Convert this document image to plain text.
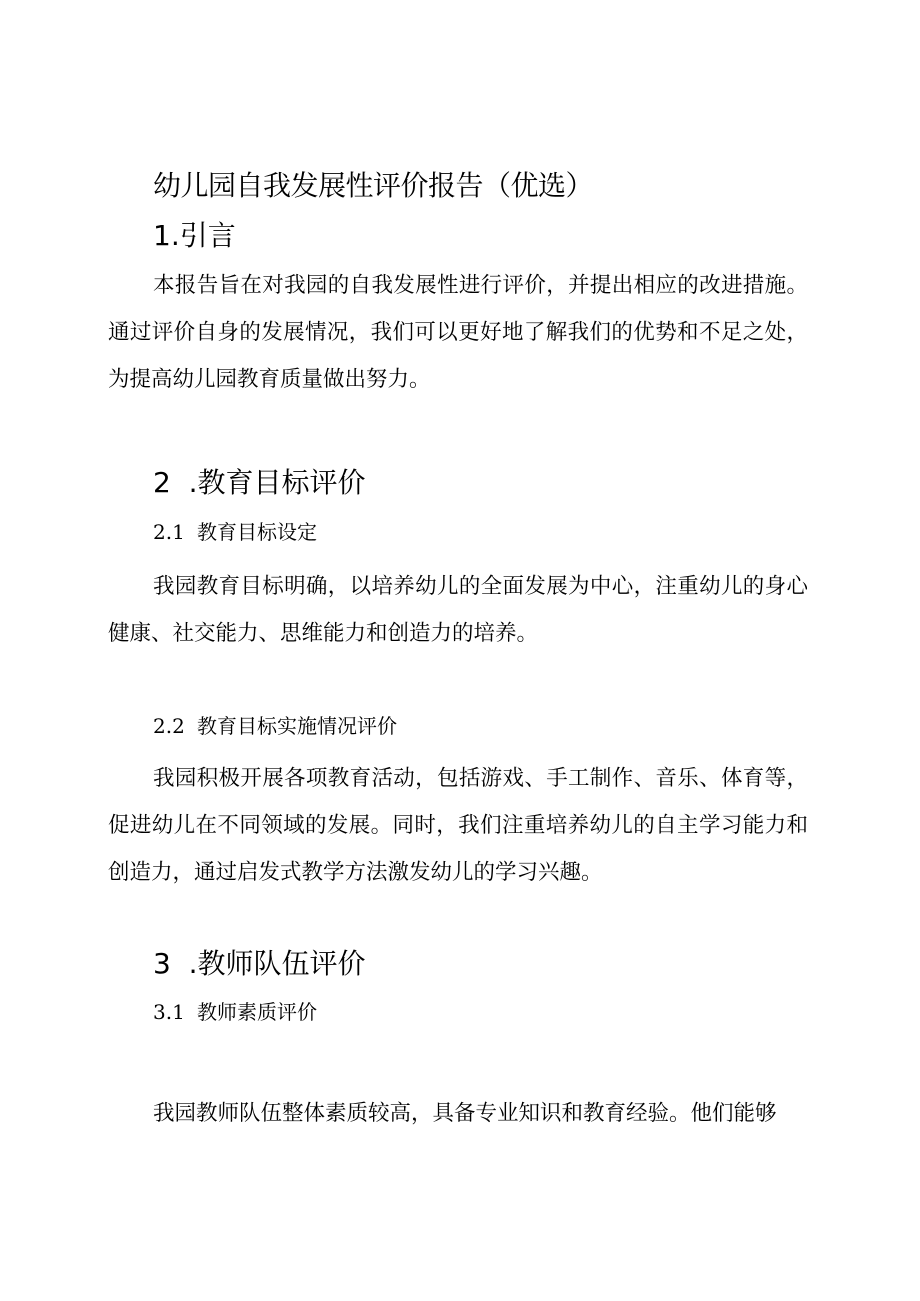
幼儿园自我发展性评价报告（优选）
1.引言

本报告旨在对我园的自我发展性进行评价，并提出相应的改进措施。通过评价自身的发展情况，我们可以更好地了解我们的优势和不足之处，为提高幼儿园教育质量做出努力。

2  .教育目标评价
2.1 教育目标设定

我园教育目标明确，以培养幼儿的全面发展为中心，注重幼儿的身心健康、社交能力、思维能力和创造力的培养。

2.2 教育目标实施情况评价

我园积极开展各项教育活动，包括游戏、手工制作、音乐、体育等，促进幼儿在不同领域的发展。同时，我们注重培养幼儿的自主学习能力和创造力，通过启发式教学方法激发幼儿的学习兴趣。

3  .教师队伍评价
3.1 教师素质评价

我园教师队伍整体素质较高，具备专业知识和教育经验。他们能够
